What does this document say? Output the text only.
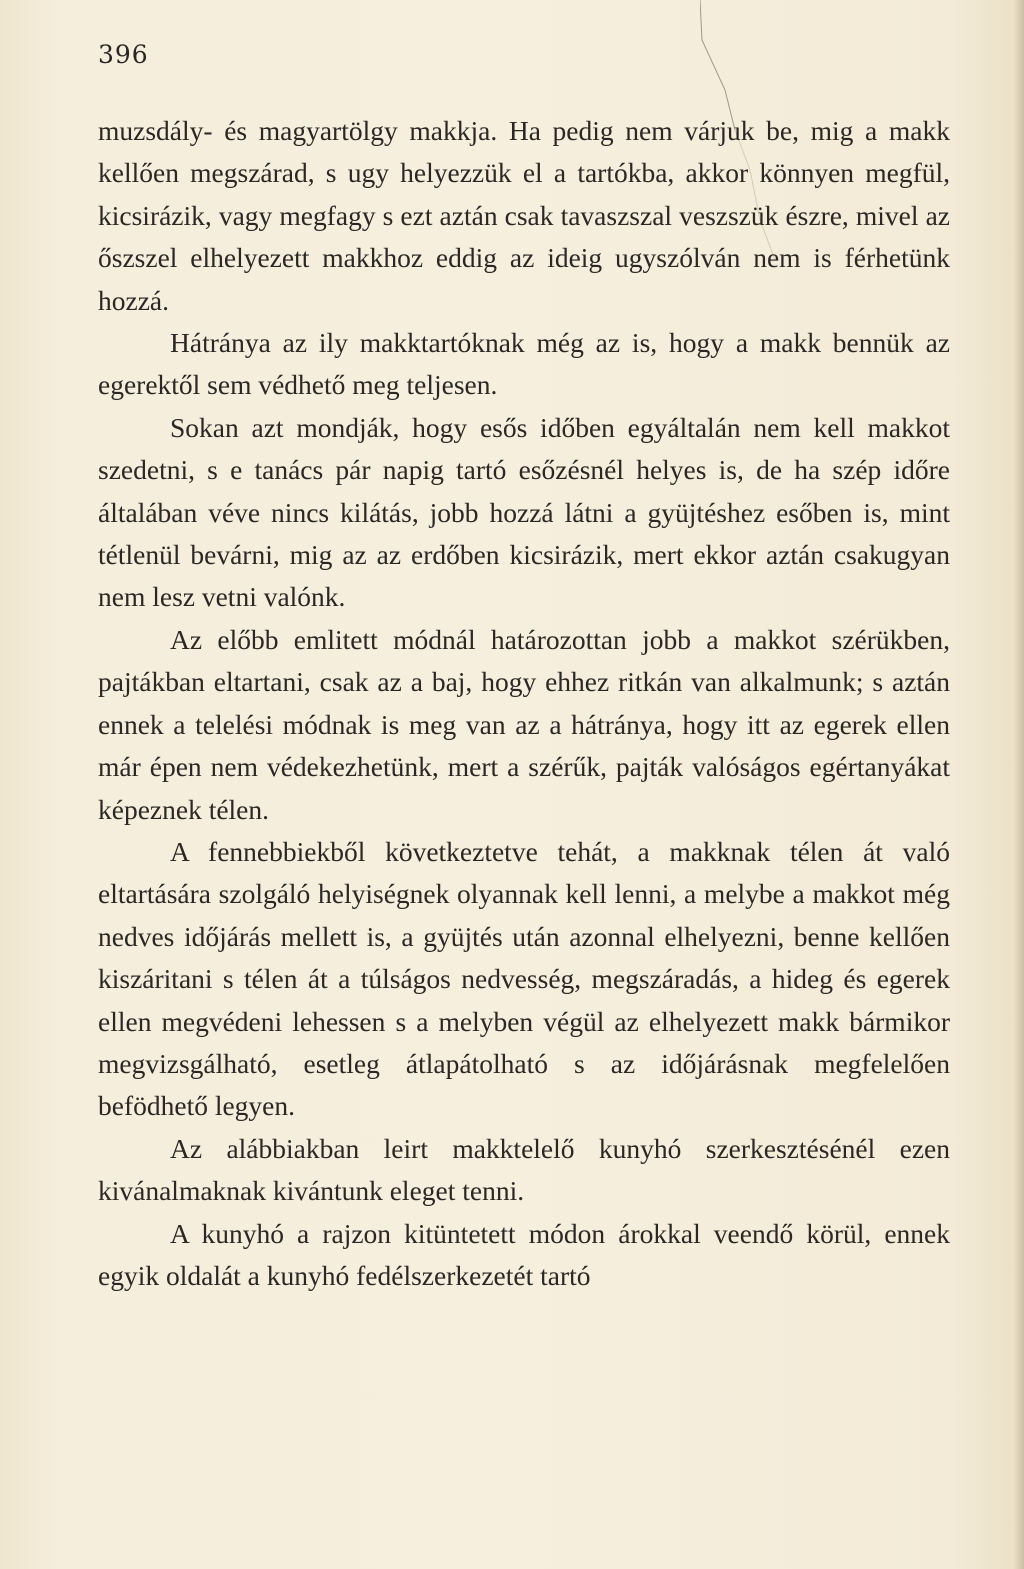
396

muzsdály- és magyartölgy makkja. Ha pedig nem várjuk be, mig a makk kellően megszárad, s ugy helyezzük el a tartókba, akkor könnyen megfül, kicsirázik, vagy megfagy s ezt aztán csak tavaszszal veszszük észre, mivel az őszszel elhelyezett makkhoz eddig az ideig ugyszólván nem is férhetünk hozzá.

Hátránya az ily makktartóknak még az is, hogy a makk bennük az egerektől sem védhető meg teljesen.

Sokan azt mondják, hogy esős időben egyáltalán nem kell makkot szedetni, s e tanács pár napig tartó esőzésnél helyes is, de ha szép időre általában véve nincs kilátás, jobb hozzá látni a gyüjtéshez esőben is, mint tétlenül bevárni, mig az az erdőben kicsirázik, mert ekkor aztán csakugyan nem lesz vetni valónk.

Az előbb emlitett módnál határozottan jobb a makkot szérükben, pajtákban eltartani, csak az a baj, hogy ehhez ritkán van alkalmunk; s aztán ennek a telelési módnak is meg van az a hátránya, hogy itt az egerek ellen már épen nem védekezhetünk, mert a szérűk, pajták valóságos egértanyákat képeznek télen.

A fennebbiekből következtetve tehát, a makknak télen át való eltartására szolgáló helyiségnek olyannak kell lenni, a melybe a makkot még nedves időjárás mellett is, a gyüjtés után azonnal elhelyezni, benne kellően kiszáritani s télen át a túlságos nedvesség, megszáradás, a hideg és egerek ellen megvédeni lehessen s a melyben végül az elhelyezett makk bármikor megvizsgálható, esetleg átlapátolható s az időjárásnak megfelelően befödhető legyen.

Az alábbiakban leirt makktelelő kunyhó szerkesztésénél ezen kivánalmaknak kivántunk eleget tenni.

A kunyhó a rajzon kitüntetett módon árokkal veendő körül, ennek egyik oldalát a kunyhó fedélszerkezetét tartó
